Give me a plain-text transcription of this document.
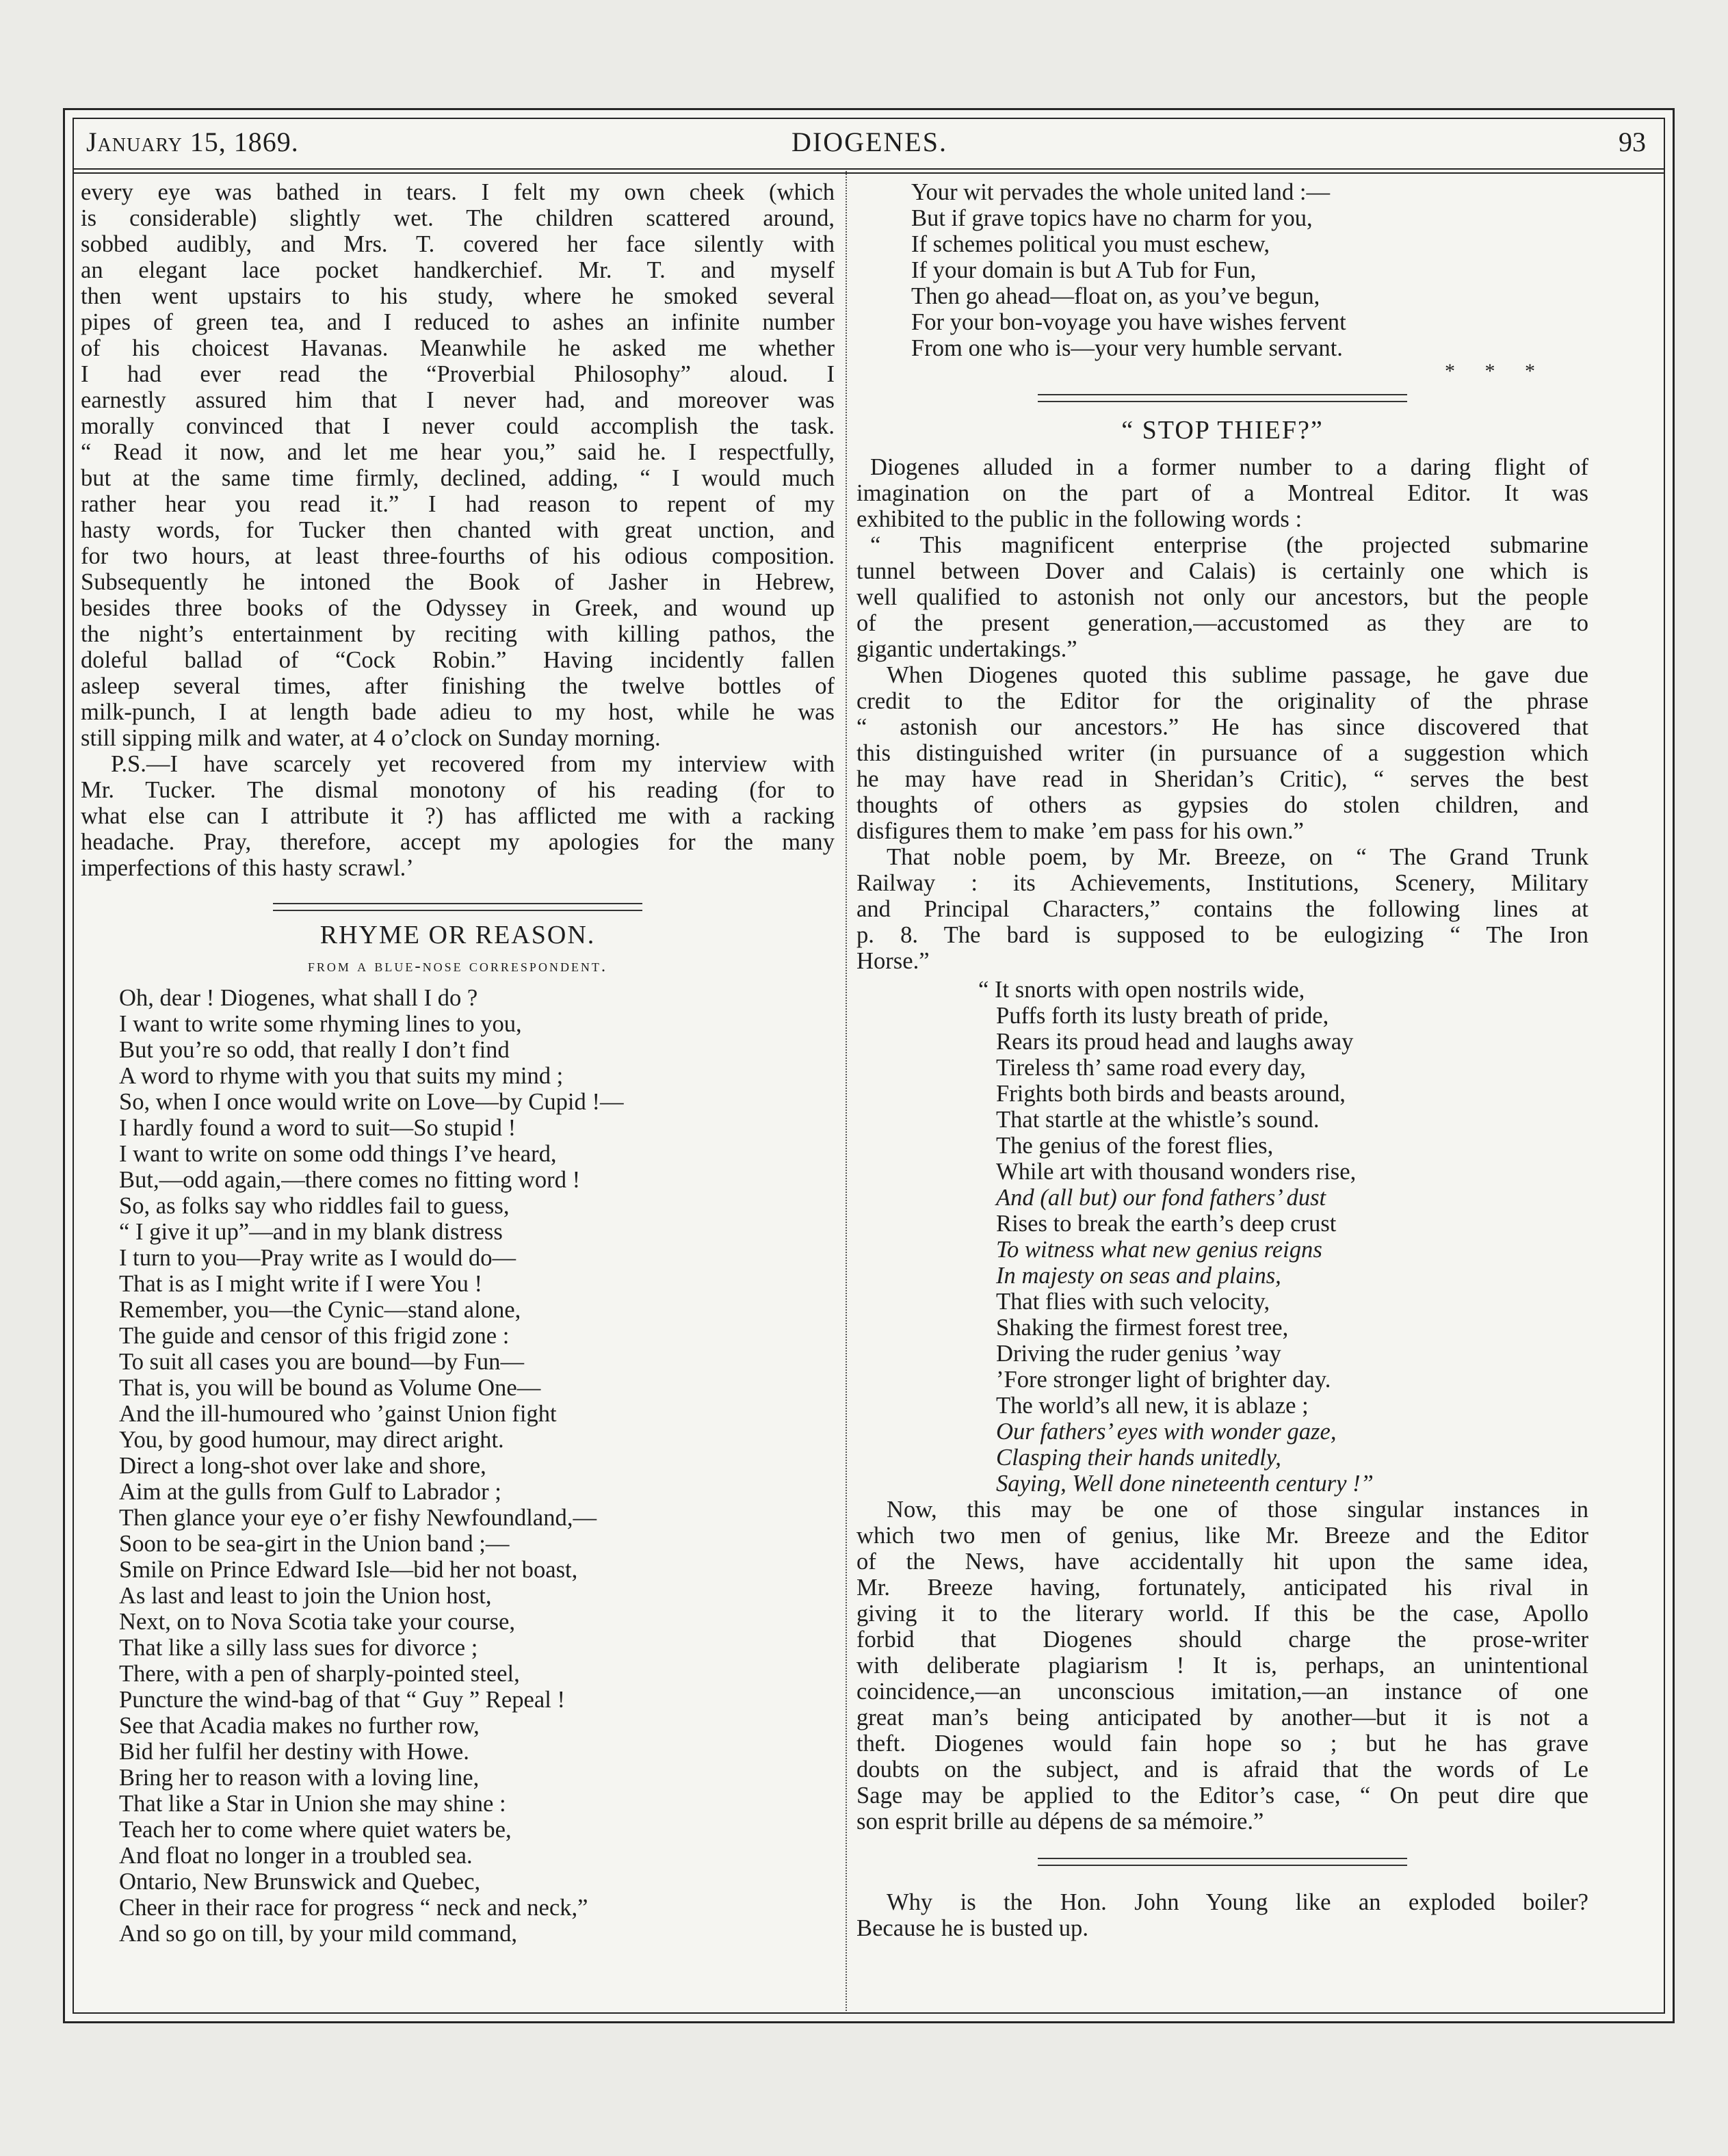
January 15, 1869.	DIOGENES.	93
every eye was bathed in tears. I felt my own cheek (which
is considerable) slightly wet. The children scattered around,
sobbed audibly, and Mrs. T. covered her face silently with
an elegant lace pocket handkerchief. Mr. T. and myself
then went upstairs to his study, where he smoked several
pipes of green tea, and I reduced to ashes an infinite number
of his choicest Havanas. Meanwhile he asked me whether
I had ever read the “Proverbial Philosophy” aloud. I
earnestly assured him that I never had, and moreover was
morally convinced that I never could accomplish the task.
“ Read it now, and let me hear you,” said he. I respectfully,
but at the same time firmly, declined, adding, “ I would much
rather hear you read it.” I had reason to repent of my
hasty words, for Tucker then chanted with great unction, and
for two hours, at least three-fourths of his odious composition.
Subsequently he intoned the Book of Jasher in Hebrew,
besides three books of the Odyssey in Greek, and wound up
the night’s entertainment by reciting with killing pathos, the
doleful ballad of “Cock Robin.” Having incidently fallen
asleep several times, after finishing the twelve bottles of
milk-punch, I at length bade adieu to my host, while he was
still sipping milk and water, at 4 o’clock on Sunday morning.
P.S.—I have scarcely yet recovered from my interview with
Mr. Tucker. The dismal monotony of his reading (for to
what else can I attribute it ?) has afflicted me with a racking
headache. Pray, therefore, accept my apologies for the many
imperfections of this hasty scrawl.’
RHYME OR REASON.
from a blue-nose correspondent.
Oh, dear ! Diogenes, what shall I do ?
I want to write some rhyming lines to you,
But you’re so odd, that really I don’t find
A word to rhyme with you that suits my mind ;
So, when I once would write on Love—by Cupid !—
I hardly found a word to suit—So stupid !
I want to write on some odd things I’ve heard,
But,—odd again,—there comes no fitting word !
So, as folks say who riddles fail to guess,
“ I give it up”—and in my blank distress
I turn to you—Pray write as I would do—
That is as I might write if I were You !
Remember, you—the Cynic—stand alone,
The guide and censor of this frigid zone :
To suit all cases you are bound—by Fun—
That is, you will be bound as Volume One—
And the ill-humoured who ’gainst Union fight
You, by good humour, may direct aright.
Direct a long-shot over lake and shore,
Aim at the gulls from Gulf to Labrador ;
Then glance your eye o’er fishy Newfoundland,—
Soon to be sea-girt in the Union band ;—
Smile on Prince Edward Isle—bid her not boast,
As last and least to join the Union host,
Next, on to Nova Scotia take your course,
That like a silly lass sues for divorce ;
There, with a pen of sharply-pointed steel,
Puncture the wind-bag of that “ Guy ” Repeal !
See that Acadia makes no further row,
Bid her fulfil her destiny with Howe.
Bring her to reason with a loving line,
That like a Star in Union she may shine :
Teach her to come where quiet waters be,
And float no longer in a troubled sea.
Ontario, New Brunswick and Quebec,
Cheer in their race for progress “ neck and neck,”
And so go on till, by your mild command,
Your wit pervades the whole united land :—
But if grave topics have no charm for you,
If schemes political you must eschew,
If your domain is but A Tub for Fun,
Then go ahead—float on, as you’ve begun,
For your bon-voyage you have wishes fervent
From one who is—your very humble servant.
* * *
“ STOP THIEF?”
Diogenes alluded in a former number to a daring flight of
imagination on the part of a Montreal Editor. It was
exhibited to the public in the following words :
“ This magnificent enterprise (the projected submarine
tunnel between Dover and Calais) is certainly one which is
well qualified to astonish not only our ancestors, but the people
of the present generation,—accustomed as they are to
gigantic undertakings.”
When Diogenes quoted this sublime passage, he gave due
credit to the Editor for the originality of the phrase
“ astonish our ancestors.” He has since discovered that
this distinguished writer (in pursuance of a suggestion which
he may have read in Sheridan’s Critic), “ serves the best
thoughts of others as gypsies do stolen children, and
disfigures them to make ’em pass for his own.”
That noble poem, by Mr. Breeze, on “ The Grand Trunk
Railway : its Achievements, Institutions, Scenery, Military
and Principal Characters,” contains the following lines at
p. 8. The bard is supposed to be eulogizing “ The Iron
Horse.”
“ It snorts with open nostrils wide,
Puffs forth its lusty breath of pride,
Rears its proud head and laughs away
Tireless th’ same road every day,
Frights both birds and beasts around,
That startle at the whistle’s sound.
The genius of the forest flies,
While art with thousand wonders rise,
And (all but) our fond fathers’ dust
Rises to break the earth’s deep crust
To witness what new genius reigns
In majesty on seas and plains,
That flies with such velocity,
Shaking the firmest forest tree,
Driving the ruder genius ’way
’Fore stronger light of brighter day.
The world’s all new, it is ablaze ;
Our fathers’ eyes with wonder gaze,
Clasping their hands unitedly,
Saying, Well done nineteenth century !”
Now, this may be one of those singular instances in
which two men of genius, like Mr. Breeze and the Editor
of the News, have accidentally hit upon the same idea,
Mr. Breeze having, fortunately, anticipated his rival in
giving it to the literary world. If this be the case, Apollo
forbid that Diogenes should charge the prose-writer
with deliberate plagiarism ! It is, perhaps, an unintentional
coincidence,—an unconscious imitation,—an instance of one
great man’s being anticipated by another—but it is not a
theft. Diogenes would fain hope so ; but he has grave
doubts on the subject, and is afraid that the words of Le
Sage may be applied to the Editor’s case, “ On peut dire que
son esprit brille au dépens de sa mémoire.”
Why is the Hon. John Young like an exploded boiler?
Because he is busted up.
